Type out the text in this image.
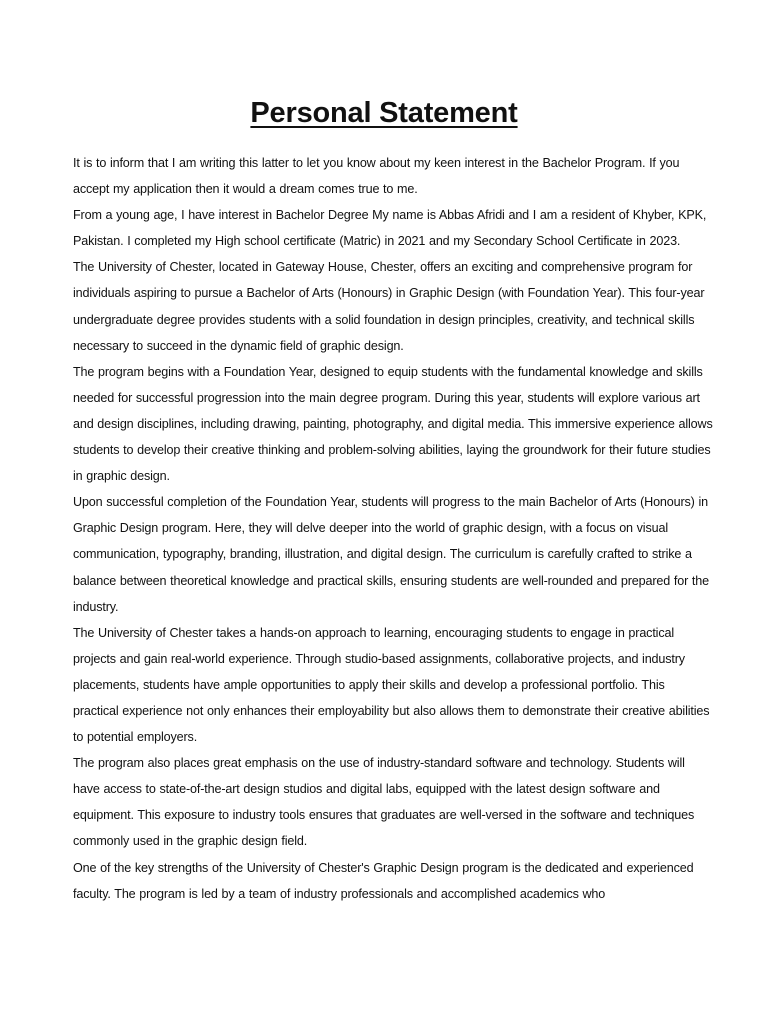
Personal Statement

It is to inform that I am writing this latter to let you know about my keen interest in the Bachelor Program. If you accept my application then it would a dream comes true to me.

From a young age, I have interest in Bachelor Degree My name is Abbas Afridi and I am a resident of Khyber, KPK, Pakistan. I completed my High school certificate (Matric) in 2021 and my Secondary School Certificate in 2023.

The University of Chester, located in Gateway House, Chester, offers an exciting and comprehensive program for individuals aspiring to pursue a Bachelor of Arts (Honours) in Graphic Design (with Foundation Year). This four-year undergraduate degree provides students with a solid foundation in design principles, creativity, and technical skills necessary to succeed in the dynamic field of graphic design.

The program begins with a Foundation Year, designed to equip students with the fundamental knowledge and skills needed for successful progression into the main degree program. During this year, students will explore various art and design disciplines, including drawing, painting, photography, and digital media. This immersive experience allows students to develop their creative thinking and problem-solving abilities, laying the groundwork for their future studies in graphic design.

Upon successful completion of the Foundation Year, students will progress to the main Bachelor of Arts (Honours) in Graphic Design program. Here, they will delve deeper into the world of graphic design, with a focus on visual communication, typography, branding, illustration, and digital design. The curriculum is carefully crafted to strike a balance between theoretical knowledge and practical skills, ensuring students are well-rounded and prepared for the industry.

The University of Chester takes a hands-on approach to learning, encouraging students to engage in practical projects and gain real-world experience. Through studio-based assignments, collaborative projects, and industry placements, students have ample opportunities to apply their skills and develop a professional portfolio. This practical experience not only enhances their employability but also allows them to demonstrate their creative abilities to potential employers.

The program also places great emphasis on the use of industry-standard software and technology. Students will have access to state-of-the-art design studios and digital labs, equipped with the latest design software and equipment. This exposure to industry tools ensures that graduates are well-versed in the software and techniques commonly used in the graphic design field.

One of the key strengths of the University of Chester's Graphic Design program is the dedicated and experienced faculty. The program is led by a team of industry professionals and accomplished academics who
